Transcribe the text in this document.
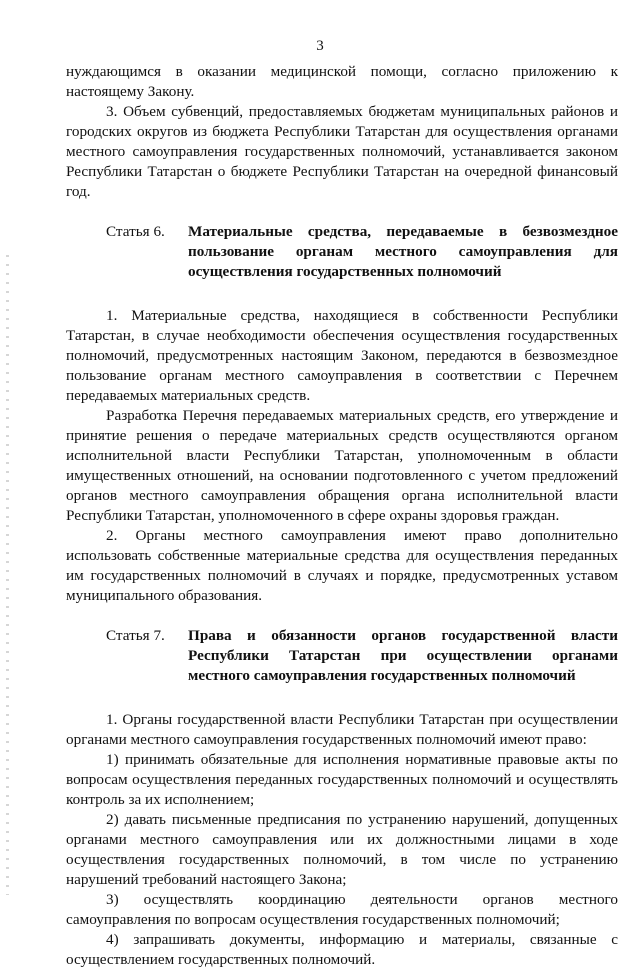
3

нуждающимся в оказании медицинской помощи, согласно приложению к настоящему Закону.

3. Объем субвенций, предоставляемых бюджетам муниципальных районов и городских округов из бюджета Республики Татарстан для осуществления органами местного самоуправления государственных полномочий, устанавливается законом Республики Татарстан о бюджете Республики Татарстан на очередной финансовый год.

Статья 6. Материальные средства, передаваемые в безвозмездное пользование органам местного самоуправления для осуществления государственных полномочий

1. Материальные средства, находящиеся в собственности Республики Татарстан, в случае необходимости обеспечения осуществления государственных полномочий, предусмотренных настоящим Законом, передаются в безвозмездное пользование органам местного самоуправления в соответствии с Перечнем передаваемых материальных средств.

Разработка Перечня передаваемых материальных средств, его утверждение и принятие решения о передаче материальных средств осуществляются органом исполнительной власти Республики Татарстан, уполномоченным в области имущественных отношений, на основании подготовленного с учетом предложений органов местного самоуправления обращения органа исполнительной власти Республики Татарстан, уполномоченного в сфере охраны здоровья граждан.

2. Органы местного самоуправления имеют право дополнительно использовать собственные материальные средства для осуществления переданных им государственных полномочий в случаях и порядке, предусмотренных уставом муниципального образования.

Статья 7. Права и обязанности органов государственной власти Республики Татарстан при осуществлении органами местного самоуправления государственных полномочий

1. Органы государственной власти Республики Татарстан при осуществлении органами местного самоуправления государственных полномочий имеют право:

1) принимать обязательные для исполнения нормативные правовые акты по вопросам осуществления переданных государственных полномочий и осуществлять контроль за их исполнением;

2) давать письменные предписания по устранению нарушений, допущенных органами местного самоуправления или их должностными лицами в ходе осуществления государственных полномочий, в том числе по устранению нарушений требований настоящего Закона;

3) осуществлять координацию деятельности органов местного самоуправления по вопросам осуществления государственных полномочий;

4) запрашивать документы, информацию и материалы, связанные с осуществлением государственных полномочий.
